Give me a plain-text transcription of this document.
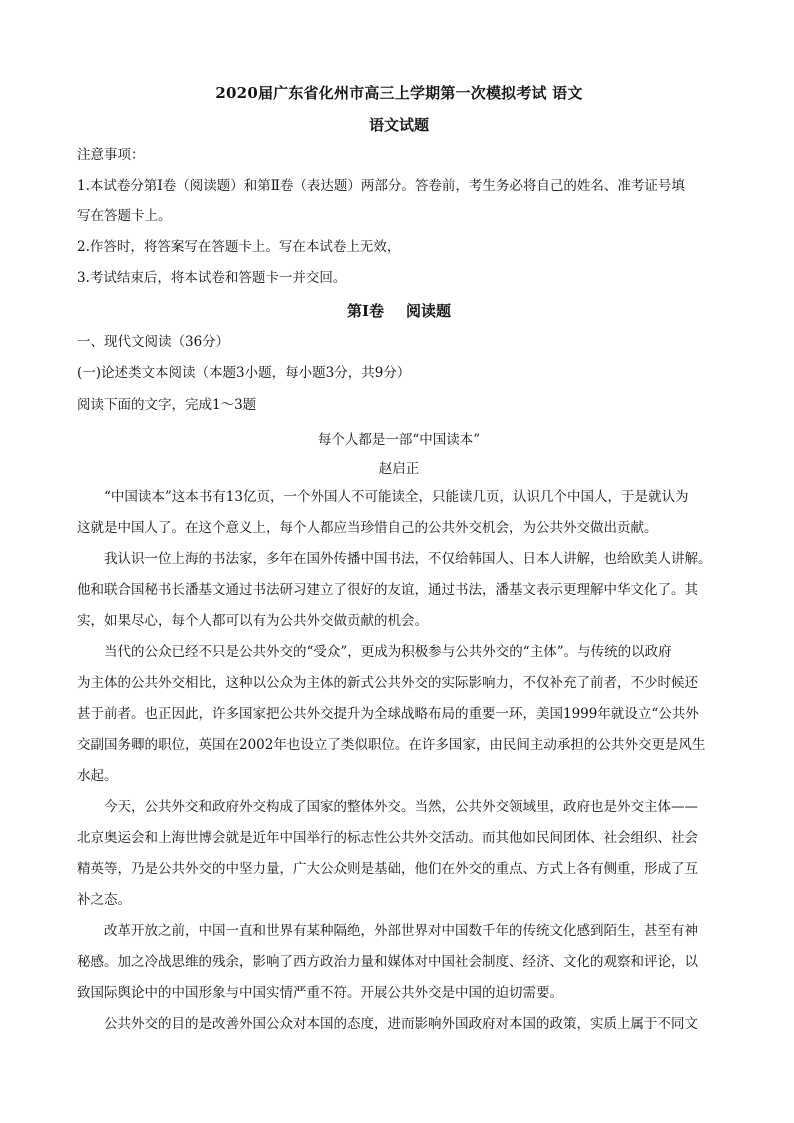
2020届广东省化州市高三上学期第一次模拟考试 语文
语文试题
注意事项：
1.本试卷分第Ⅰ卷（阅读题）和第Ⅱ卷（表达题）两部分。答卷前，考生务必将自己的姓名、准考证号填
写在答题卡上。
2.作答时，将答案写在答题卡上。写在本试卷上无效，
3.考试结束后，将本试卷和答题卡一并交回。
第Ⅰ卷 阅读题
一、现代文阅读（36分）
(一)论述类文本阅读（本题3小题，每小题3分，共9分）
阅读下面的文字，完成1～3题
每个人都是一部“中国读本”
赵启正
“中国读本”这本书有13亿页，一个外国人不可能读全，只能读几页，认识几个中国人，于是就认为
这就是中国人了。在这个意义上，每个人都应当珍惜自己的公共外交机会，为公共外交做出贡献。
我认识一位上海的书法家，多年在国外传播中国书法，不仅给韩国人、日本人讲解，也给欧美人讲解。
他和联合国秘书长潘基文通过书法研习建立了很好的友谊，通过书法，潘基文表示更理解中华文化了。其
实，如果尽心，每个人都可以有为公共外交做贡献的机会。
当代的公众已经不只是公共外交的“受众”，更成为积极参与公共外交的“主体”。与传统的以政府
为主体的公共外交相比，这种以公众为主体的新式公共外交的实际影响力，不仅补充了前者，不少时候还
甚于前者。也正因此，许多国家把公共外交提升为全球战略布局的重要一环，美国1999年就设立“公共外
交副国务卿的职位，英国在2002年也设立了类似职位。在许多国家，由民间主动承担的公共外交更是风生
水起。
今天，公共外交和政府外交构成了国家的整体外交。当然，公共外交领域里，政府也是外交主体——
北京奥运会和上海世博会就是近年中国举行的标志性公共外交活动。而其他如民间团体、社会组织、社会
精英等，乃是公共外交的中坚力量，广大公众则是基础，他们在外交的重点、方式上各有侧重，形成了互
补之态。
改革开放之前，中国一直和世界有某种隔绝，外部世界对中国数千年的传统文化感到陌生，甚至有神
秘感。加之冷战思维的残余，影响了西方政治力量和媒体对中国社会制度、经济、文化的观察和评论，以
致国际舆论中的中国形象与中国实情严重不符。开展公共外交是中国的迫切需要。
公共外交的目的是改善外国公众对本国的态度，进而影响外国政府对本国的政策，实质上属于不同文
